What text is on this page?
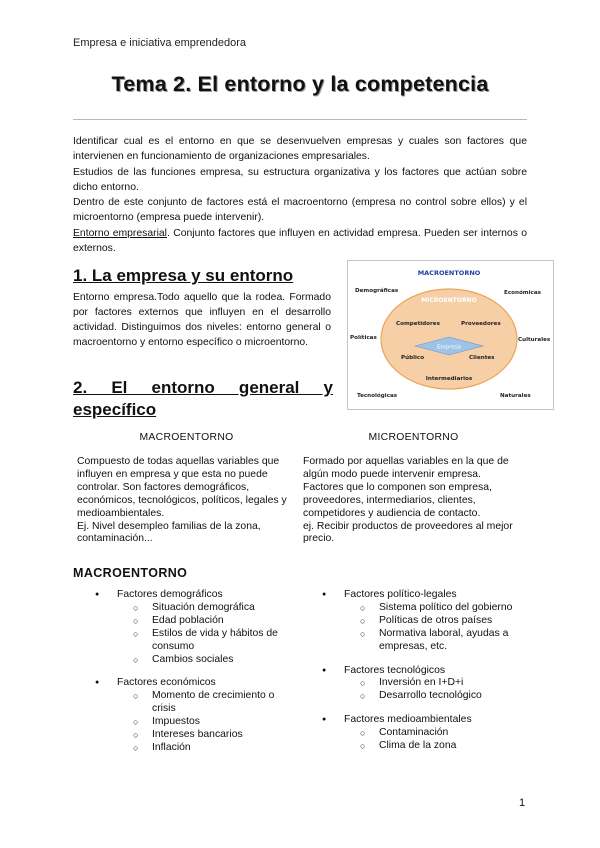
Empresa e iniciativa emprendedora
Tema 2. El entorno y la competencia

Identificar cual es el entorno en que se desenvuelven empresas y cuales son factores que intervienen en funcionamiento de organizaciones empresariales.

Estudios de las funciones empresa, su estructura organizativa y los factores que actúan sobre dicho entorno.

Dentro de este conjunto de factores está el macroentorno (empresa no control sobre ellos) y el microentorno (empresa puede intervenir).

Entorno empresarial. Conjunto factores que influyen en actividad empresa. Pueden ser internos o externos.

1. La empresa y su entorno
Entorno empresa.Todo aquello que la rodea. Formado por factores externos que influyen en el desarrollo actividad. Distinguimos dos niveles: entorno general o macroentorno y entorno específico o microentorno.
2. El entorno general y
específico
MACROENTORNO
MICROENTORNO
Empresa
Demográficas	Económicas
Políticas	Culturales
Tecnológicas	Naturales
Competidores	Proveedores
Público	Clientes
Intermediarios
MACROENTORNO	MICROENTORNO
Compuesto de todas aquellas variables que influyen en empresa y que esta no puede controlar. Son factores demográficos, económicos, tecnológicos, políticos, legales y medioambientales.
Ej. Nivel desempleo familias de la zona, contaminación...
Formado por aquellas variables en la que de algún modo puede intervenir empresa. Factores que lo componen son empresa, proveedores, intermediarios, clientes, competidores y audiencia de contacto.
ej. Recibir productos de proveedores al mejor precio.
MACROENTORNO
● Factores demográficos
○ Situación demográfica
○ Edad población
○ Estilos de vida y hábitos de consumo
○ Cambios sociales
● Factores económicos
○ Momento de crecimiento o crisis
○ Impuestos
○ Intereses bancarios
○ Inflación
● Factores político-legales
○ Sistema político del gobierno
○ Políticas de otros países
○ Normativa laboral, ayudas a empresas, etc.
● Factores tecnológicos
○ Inversión en I+D+i
○ Desarrollo tecnológico
● Factores medioambientales
○ Contaminación
○ Clima de la zona
1
